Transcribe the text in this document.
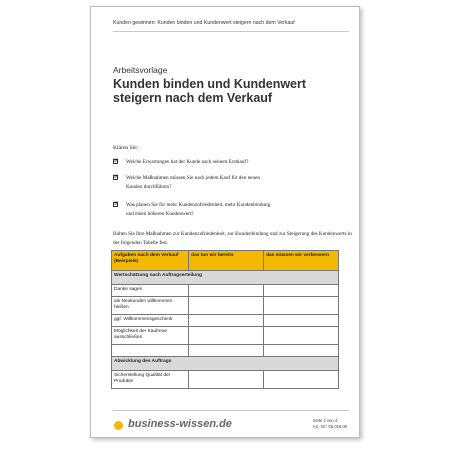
Kunden gewinnen: Kunden binden und Kundenwert steigern nach dem Verkauf
Arbeitsvorlage
Kunden binden und Kundenwert steigern nach dem Verkauf
Klären Sie:
☒ Welche Erwartungen hat der Kunde nach seinem Erstkauf?
☒ Welche Maßnahmen müssen Sie nach jedem Kauf für den neuen Kunden durchführen?
☒ Was planen Sie für mehr Kundenzufriedenheit, mehr Kundenbindung und einen höheren Kundenwert?
Halten Sie Ihre Maßnahmen zur Kundenzufriedenheit, zur Kundenbindung und zur Steigerung des Kundenwerts in der folgenden Tabelle fest.
Aufgaben nach dem Verkauf (Beispiele)	das tun wir bereits	das müssen wir verbessern
Wertschätzung nach Auftragserteilung		
Danke sagen		
als Neukunden willkommen heißen		
ggf. Willkommensgeschenk		
Möglichkeit der Kaufreue ausschließen		

Abwicklung des Auftrags		
Sicherstellung Qualität der Produkte		
business-wissen.de	Seite 1 von 4
Art.-Nr.: 06.016.09
